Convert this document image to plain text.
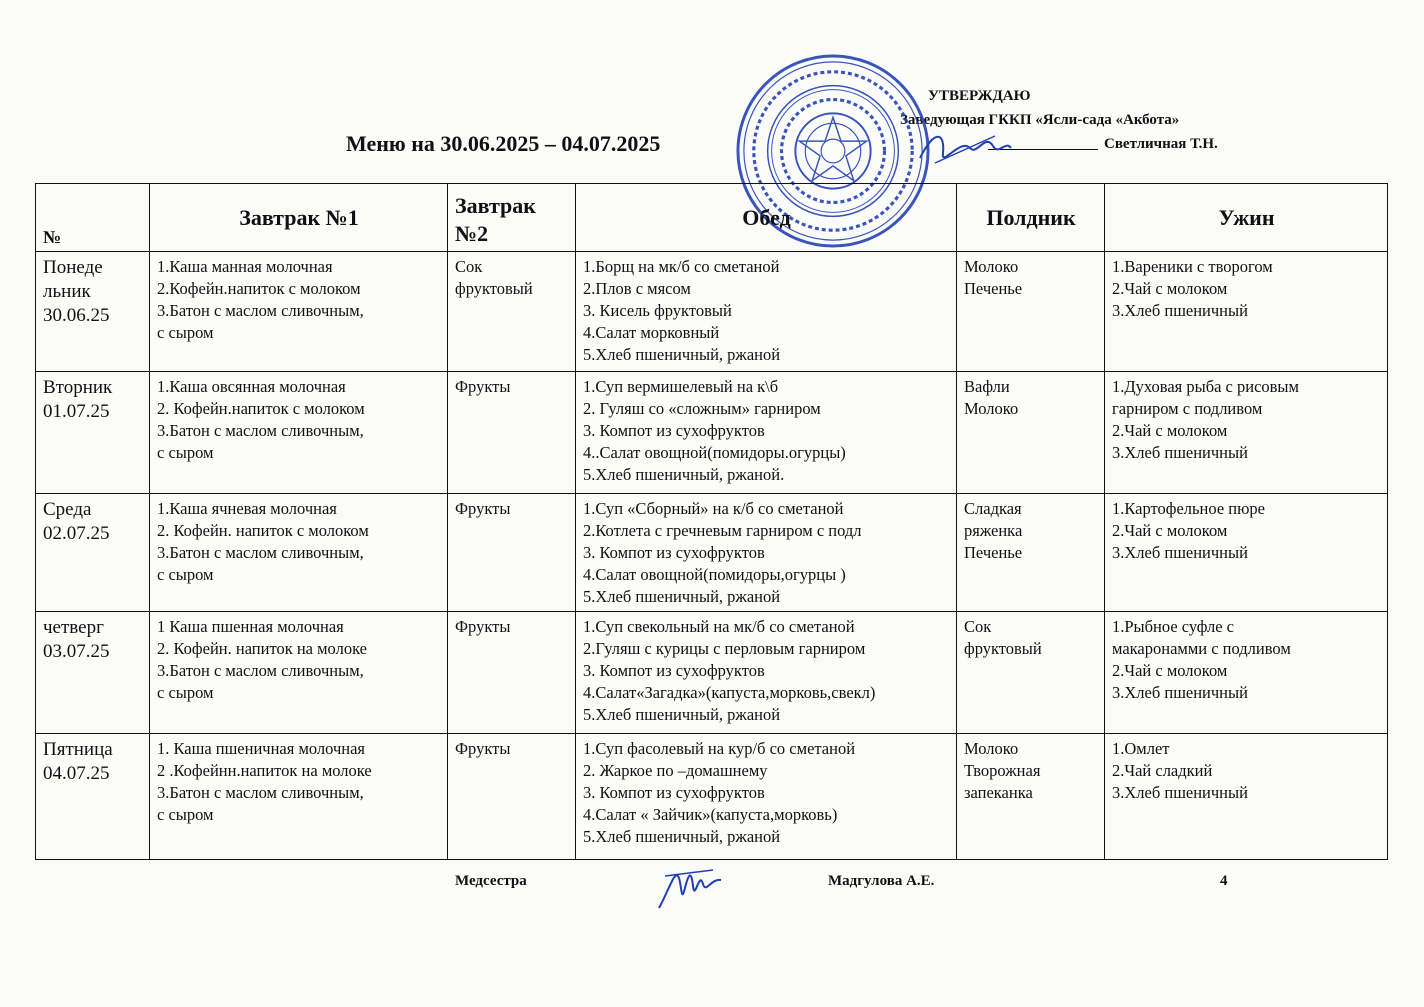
УТВЕРЖДАЮ
Заведующая ГККП «Ясли-сада «Акбота»
Светличная Т.Н.
Меню на 30.06.2025 – 04.07.2025
№	Завтрак №1	Завтрак №2	Обед	Полдник	Ужин

Понеде
льник
30.06.25	1.Каша манная молочная
2.Кофейн.напиток с молоком
3.Батон с маслом сливочным,
с сыром	Сок
фруктовый	1.Борщ на мк/б со сметаной
2.Плов с мясом
3. Кисель фруктовый
4.Салат морковный
5.Хлеб пшеничный, ржаной	Молоко
Печенье	1.Вареники с творогом
2.Чай с молоком
3.Хлеб пшеничный

Вторник
01.07.25	1.Каша овсянная молочная
2. Кофейн.напиток с молоком
3.Батон с маслом сливочным,
с сыром	Фрукты	1.Суп вермишелевый на к\б
2. Гуляш со «сложным» гарниром
3. Компот из сухофруктов
4..Салат овощной(помидоры.огурцы)
5.Хлеб пшеничный, ржаной.	Вафли
Молоко	1.Духовая рыба с рисовым
гарниром с подливом
2.Чай с молоком
3.Хлеб пшеничный

Среда
02.07.25	1.Каша ячневая молочная
2. Кофейн. напиток с молоком
3.Батон с маслом сливочным,
с сыром	Фрукты	1.Суп «Сборный» на к/б со сметаной
2.Котлета с гречневым гарниром с подл
3. Компот из сухофруктов
4.Салат овощной(помидоры,огурцы )
5.Хлеб пшеничный, ржаной	Сладкая
ряженка
Печенье	1.Картофельное пюре
2.Чай с молоком
3.Хлеб пшеничный

четверг
03.07.25	1 Каша пшенная молочная
2. Кофейн. напиток на молоке
3.Батон с маслом сливочным,
с сыром	Фрукты	1.Суп свекольный на мк/б со сметаной
2.Гуляш с курицы с перловым гарниром
3. Компот из сухофруктов
4.Салат«Загадка»(капуста,морковь,свекл)
5.Хлеб пшеничный, ржаной	Сок
фруктовый	1.Рыбное суфле с
макаронамми с подливом
2.Чай с молоком
3.Хлеб пшеничный

Пятница
04.07.25	1. Каша пшеничная молочная
2 .Кофейнн.напиток на молоке
3.Батон с маслом сливочным,
с сыром	Фрукты	1.Суп фасолевый на кур/б со сметаной
2. Жаркое по –домашнему
3. Компот из сухофруктов
4.Салат « Зайчик»(капуста,морковь)
5.Хлеб пшеничный, ржаной	Молоко
Творожная
запеканка	1.Омлет
2.Чай сладкий
3.Хлеб пшеничный
Медсестра	Мадгулова А.Е.	4
